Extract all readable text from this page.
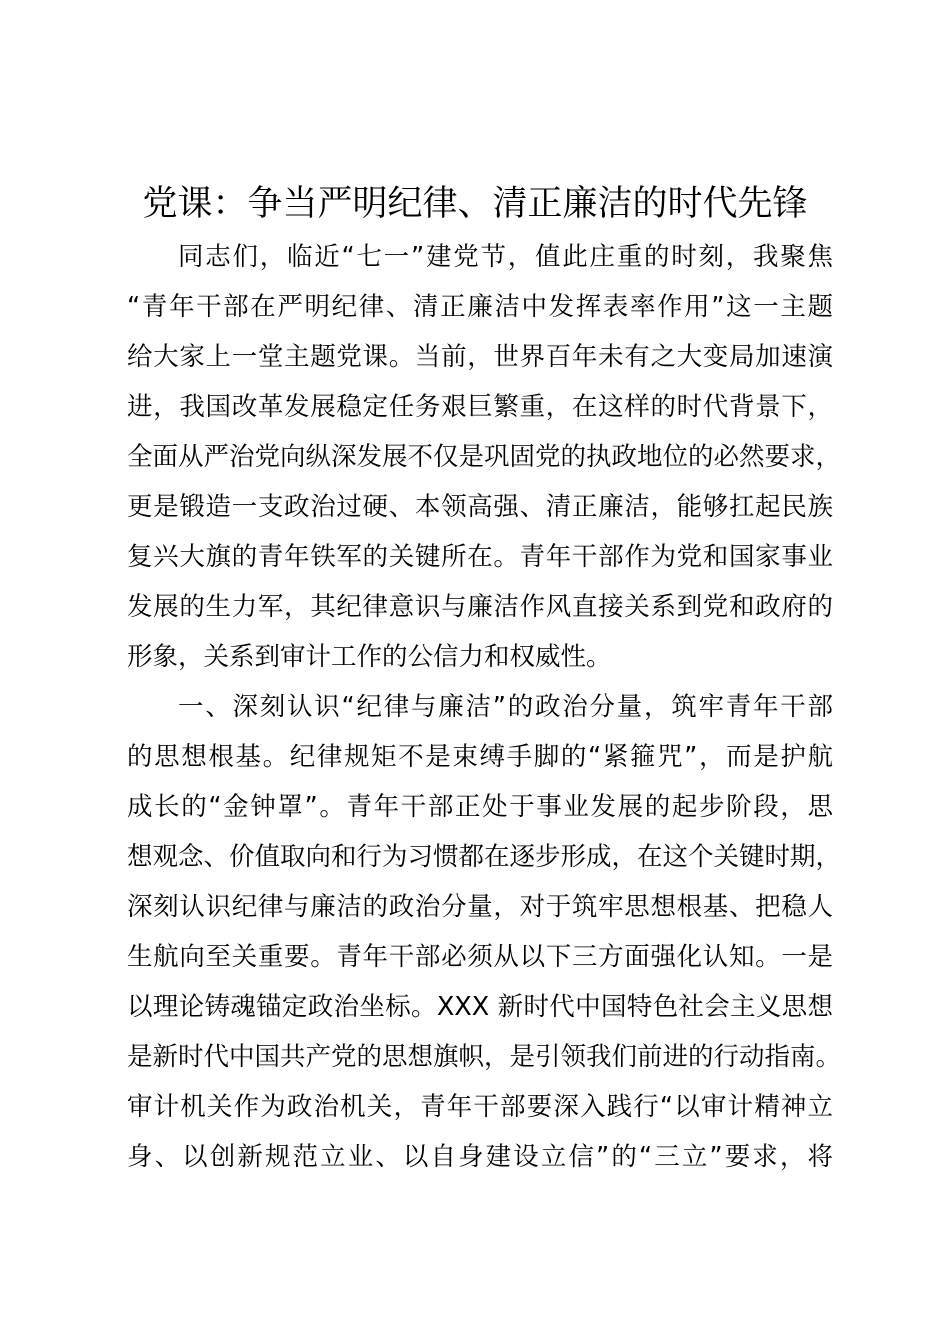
党课：争当严明纪律、清正廉洁的时代先锋
同志们，临近“七一”建党节，值此庄重的时刻，我聚焦
“青年干部在严明纪律、清正廉洁中发挥表率作用”这一主题
给大家上一堂主题党课。当前，世界百年未有之大变局加速演
进，我国改革发展稳定任务艰巨繁重，在这样的时代背景下，
全面从严治党向纵深发展不仅是巩固党的执政地位的必然要求，
更是锻造一支政治过硬、本领高强、清正廉洁，能够扛起民族
复兴大旗的青年铁军的关键所在。青年干部作为党和国家事业
发展的生力军，其纪律意识与廉洁作风直接关系到党和政府的
形象，关系到审计工作的公信力和权威性。
一、深刻认识“纪律与廉洁”的政治分量，筑牢青年干部
的思想根基。纪律规矩不是束缚手脚的“紧箍咒”，而是护航
成长的“金钟罩”。青年干部正处于事业发展的起步阶段，思
想观念、价值取向和行为习惯都在逐步形成，在这个关键时期，
深刻认识纪律与廉洁的政治分量，对于筑牢思想根基、把稳人
生航向至关重要。青年干部必须从以下三方面强化认知。一是
以理论铸魂锚定政治坐标。XXX 新时代中国特色社会主义思想
是新时代中国共产党的思想旗帜，是引领我们前进的行动指南。
审计机关作为政治机关，青年干部要深入践行“以审计精神立
身、以创新规范立业、以自身建设立信”的“三立”要求，将
